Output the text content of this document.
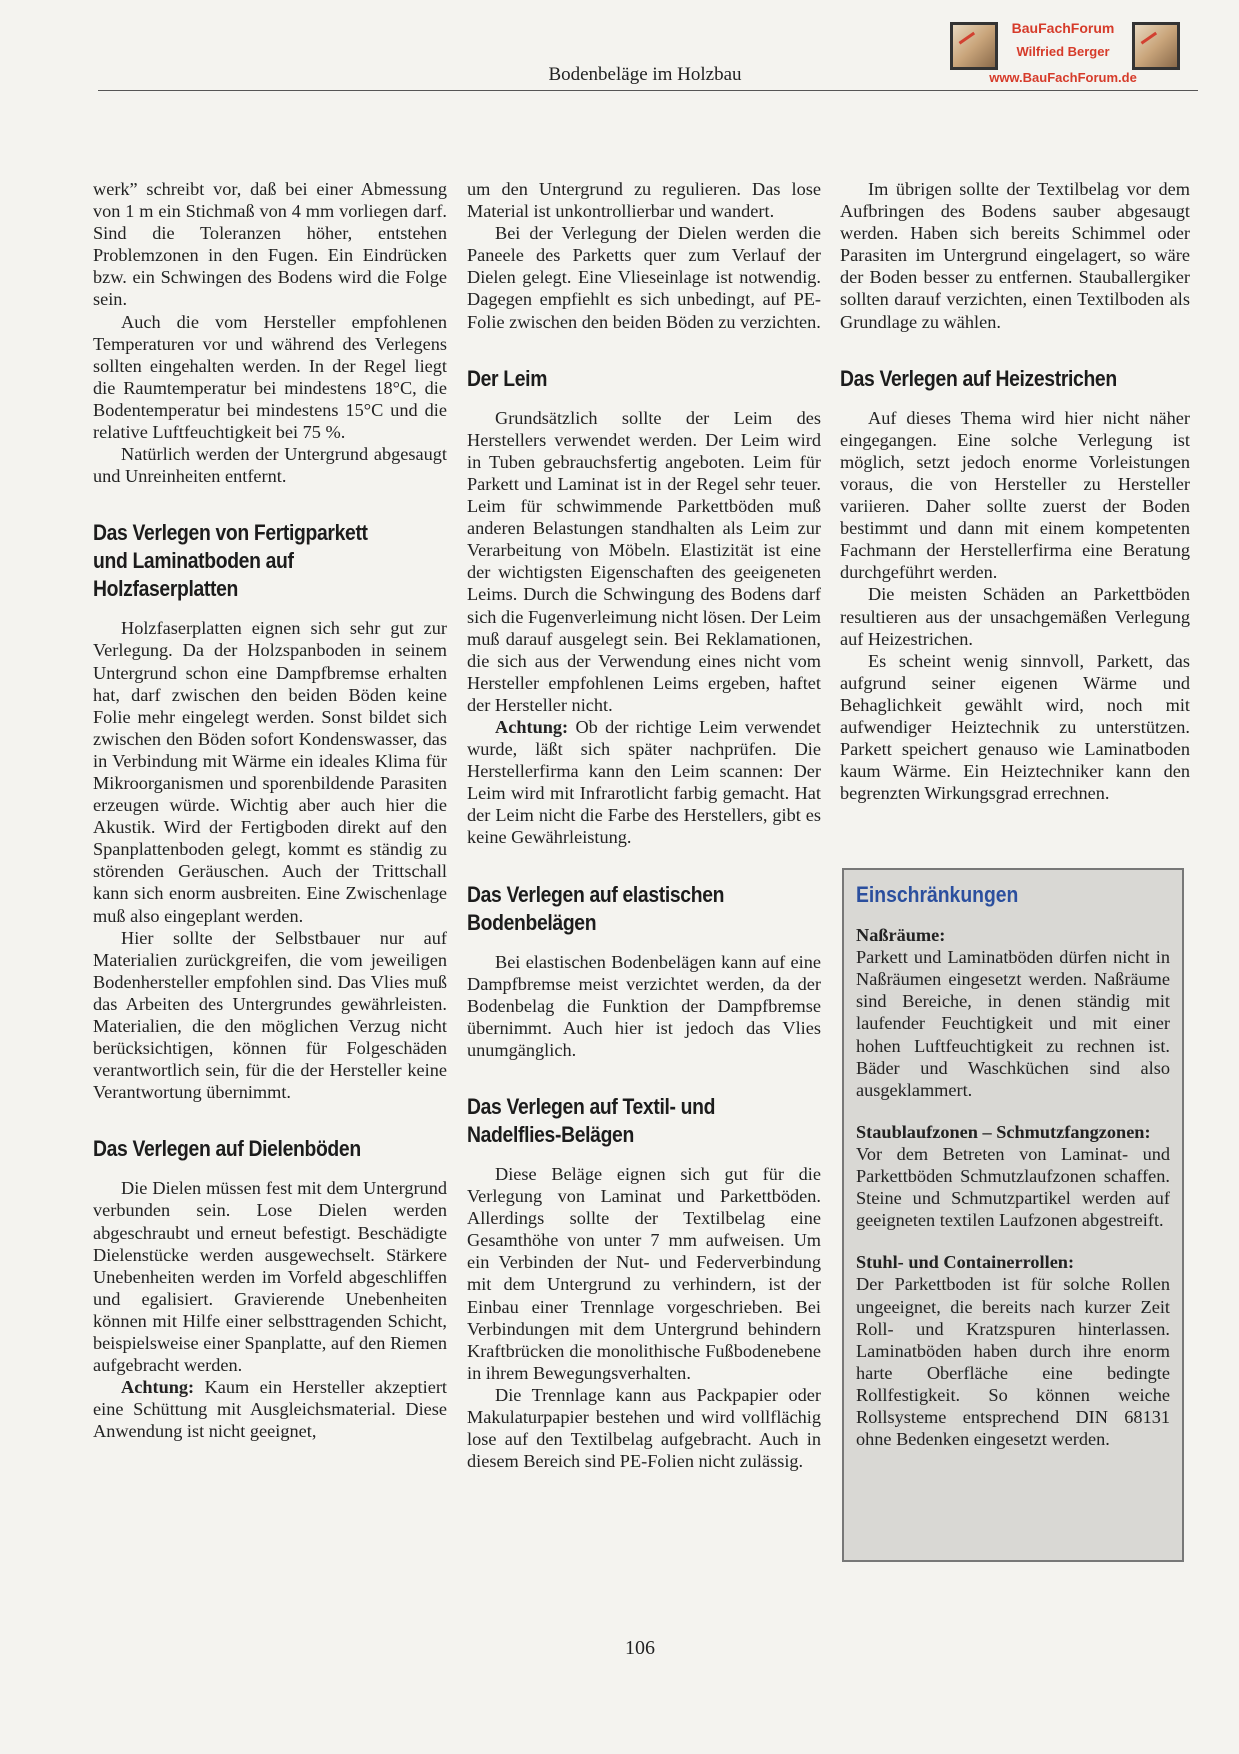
BauFachForum
Wilfried Berger
www.BauFachForum.de
Bodenbeläge im Holzbau

werk” schreibt vor, daß bei einer Abmessung von 1 m ein Stichmaß von 4 mm vorliegen darf. Sind die Toleranzen höher, entstehen Problemzonen in den Fugen. Ein Eindrücken bzw. ein Schwingen des Bodens wird die Folge sein.

Auch die vom Hersteller empfohlenen Temperaturen vor und während des Verlegens sollten eingehalten werden. In der Regel liegt die Raumtemperatur bei mindestens 18°C, die Bodentemperatur bei mindestens 15°C und die relative Luftfeuchtigkeit bei 75 %.

Natürlich werden der Untergrund abgesaugt und Unreinheiten entfernt.

Das Verlegen von Fertigparkett und Laminatboden auf Holzfaserplatten

Holzfaserplatten eignen sich sehr gut zur Verlegung. Da der Holzspanboden in seinem Untergrund schon eine Dampfbremse erhalten hat, darf zwischen den beiden Böden keine Folie mehr eingelegt werden. Sonst bildet sich zwischen den Böden sofort Kondenswasser, das in Verbindung mit Wärme ein ideales Klima für Mikroorganismen und sporenbildende Parasiten erzeugen würde. Wichtig aber auch hier die Akustik. Wird der Fertigboden direkt auf den Spanplattenboden gelegt, kommt es ständig zu störenden Geräuschen. Auch der Trittschall kann sich enorm ausbreiten. Eine Zwischenlage muß also eingeplant werden.

Hier sollte der Selbstbauer nur auf Materialien zurückgreifen, die vom jeweiligen Bodenhersteller empfohlen sind. Das Vlies muß das Arbeiten des Untergrundes gewährleisten. Materialien, die den möglichen Verzug nicht berücksichtigen, können für Folgeschäden verantwortlich sein, für die der Hersteller keine Verantwortung übernimmt.

Das Verlegen auf Dielenböden

Die Dielen müssen fest mit dem Untergrund verbunden sein. Lose Dielen werden abgeschraubt und erneut befestigt. Beschädigte Dielenstücke werden ausgewechselt. Stärkere Unebenheiten werden im Vorfeld abgeschliffen und egalisiert. Gravierende Unebenheiten können mit Hilfe einer selbsttragenden Schicht, beispielsweise einer Spanplatte, auf den Riemen aufgebracht werden.

Achtung: Kaum ein Hersteller akzeptiert eine Schüttung mit Ausgleichsmaterial. Diese Anwendung ist nicht geeignet,

um den Untergrund zu regulieren. Das lose Material ist unkontrollierbar und wandert.

Bei der Verlegung der Dielen werden die Paneele des Parketts quer zum Verlauf der Dielen gelegt. Eine Vlieseinlage ist notwendig. Dagegen empfiehlt es sich unbedingt, auf PE-Folie zwischen den beiden Böden zu verzichten.

Der Leim

Grundsätzlich sollte der Leim des Herstellers verwendet werden. Der Leim wird in Tuben gebrauchsfertig angeboten. Leim für Parkett und Laminat ist in der Regel sehr teuer. Leim für schwimmende Parkettböden muß anderen Belastungen standhalten als Leim zur Verarbeitung von Möbeln. Elastizität ist eine der wichtigsten Eigenschaften des geeigeneten Leims. Durch die Schwingung des Bodens darf sich die Fugenverleimung nicht lösen. Der Leim muß darauf ausgelegt sein. Bei Reklamationen, die sich aus der Verwendung eines nicht vom Hersteller empfohlenen Leims ergeben, haftet der Hersteller nicht.

Achtung: Ob der richtige Leim verwendet wurde, läßt sich später nachprüfen. Die Herstellerfirma kann den Leim scannen: Der Leim wird mit Infrarotlicht farbig gemacht. Hat der Leim nicht die Farbe des Herstellers, gibt es keine Gewährleistung.

Das Verlegen auf elastischen Bodenbelägen

Bei elastischen Bodenbelägen kann auf eine Dampfbremse meist verzichtet werden, da der Bodenbelag die Funktion der Dampfbremse übernimmt. Auch hier ist jedoch das Vlies unumgänglich.

Das Verlegen auf Textil- und Nadelflies-Belägen

Diese Beläge eignen sich gut für die Verlegung von Laminat und Parkettböden. Allerdings sollte der Textilbelag eine Gesamthöhe von unter 7 mm aufweisen. Um ein Verbinden der Nut- und Federverbindung mit dem Untergrund zu verhindern, ist der Einbau einer Trennlage vorgeschrieben. Bei Verbindungen mit dem Untergrund behindern Kraftbrücken die monolithische Fußbodenebene in ihrem Bewegungsverhalten.

Die Trennlage kann aus Packpapier oder Makulaturpapier bestehen und wird vollflächig lose auf den Textilbelag aufgebracht. Auch in diesem Bereich sind PE-Folien nicht zulässig.

Im übrigen sollte der Textilbelag vor dem Aufbringen des Bodens sauber abgesaugt werden. Haben sich bereits Schimmel oder Parasiten im Untergrund eingelagert, so wäre der Boden besser zu entfernen. Stauballergiker sollten darauf verzichten, einen Textilboden als Grundlage zu wählen.

Das Verlegen auf Heizestrichen

Auf dieses Thema wird hier nicht näher eingegangen. Eine solche Verlegung ist möglich, setzt jedoch enorme Vorleistungen voraus, die von Hersteller zu Hersteller variieren. Daher sollte zuerst der Boden bestimmt und dann mit einem kompetenten Fachmann der Herstellerfirma eine Beratung durchgeführt werden.

Die meisten Schäden an Parkettböden resultieren aus der unsachgemäßen Verlegung auf Heizestrichen.

Es scheint wenig sinnvoll, Parkett, das aufgrund seiner eigenen Wärme und Behaglichkeit gewählt wird, noch mit aufwendiger Heiztechnik zu unterstützen. Parkett speichert genauso wie Laminatboden kaum Wärme. Ein Heiztechniker kann den begrenzten Wirkungsgrad errechnen.

Einschränkungen

Naßräume:

Parkett und Laminatböden dürfen nicht in Naßräumen eingesetzt werden. Naßräume sind Bereiche, in denen ständig mit laufender Feuchtigkeit und mit einer hohen Luftfeuchtigkeit zu rechnen ist. Bäder und Waschküchen sind also ausgeklammert.

Staublaufzonen – Schmutzfangzonen:

Vor dem Betreten von Laminat- und Parkettböden Schmutzlaufzonen schaffen. Steine und Schmutzpartikel werden auf geeigneten textilen Laufzonen abgestreift.

Stuhl- und Containerrollen:

Der Parkettboden ist für solche Rollen ungeeignet, die bereits nach kurzer Zeit Roll- und Kratzspuren hinterlassen. Laminatböden haben durch ihre enorm harte Oberfläche eine bedingte Rollfestigkeit. So können weiche Rollsysteme entsprechend DIN 68131 ohne Bedenken eingesetzt werden.

106
